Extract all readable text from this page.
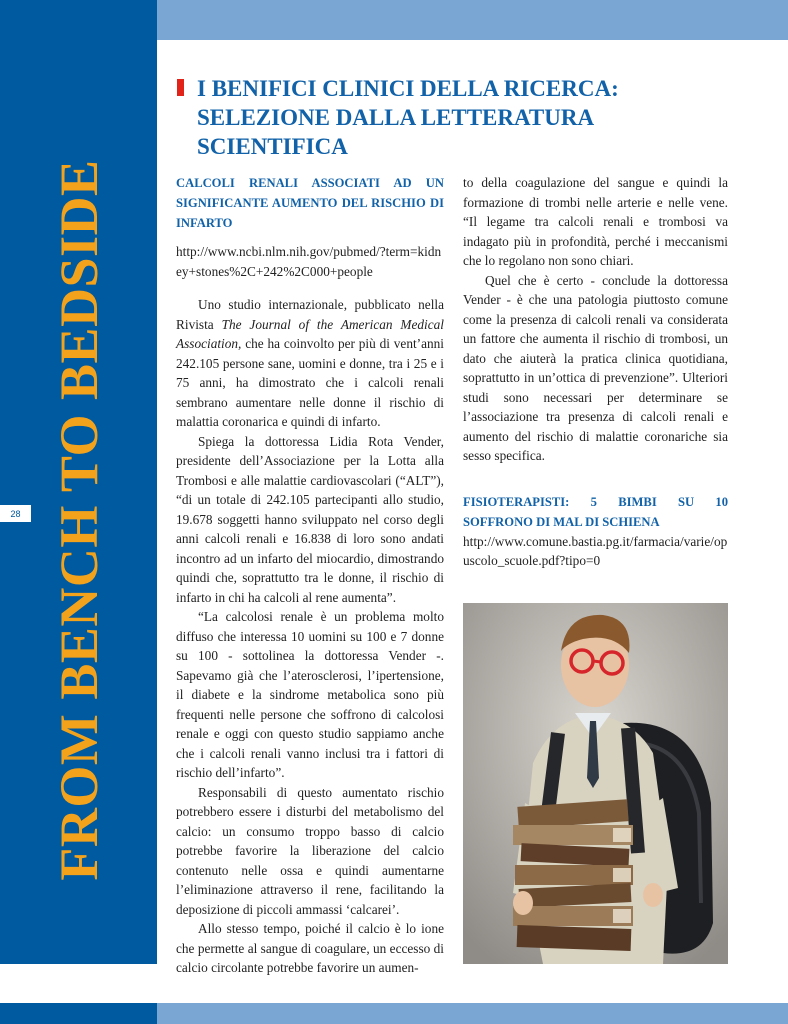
FROM BENCH TO BEDSIDE
28
I BENIFICI CLINICI DELLA RICERCA: SELEZIONE DALLA LETTERATURA SCIENTIFICA
CALCOLI RENALI ASSOCIATI AD UN SIGNIFICANTE AUMENTO DEL RISCHIO DI INFARTO
http://www.ncbi.nlm.nih.gov/pubmed/?term=kidney+stones%2C+242%2C000+people

Uno studio internazionale, pubblicato nella Rivista The Journal of the American Medical Association, che ha coinvolto per più di vent’anni 242.105 persone sane, uomini e donne, tra i 25 e i 75 anni, ha dimostrato che i calcoli renali sembrano aumentare nelle donne il rischio di malattia coronarica e quindi di infarto.

Spiega la dottoressa Lidia Rota Vender, presidente dell’Associazione per la Lotta alla Trombosi e alle malattie cardiovascolari (“ALT”), “di un totale di 242.105 partecipanti allo studio, 19.678 soggetti hanno sviluppato nel corso degli anni calcoli renali e 16.838 di loro sono andati incontro ad un infarto del miocardio, dimostrando quindi che, soprattutto tra le donne, il rischio di infarto in chi ha calcoli al rene aumenta”.

“La calcolosi renale è un problema molto diffuso che interessa 10 uomini su 100 e 7 donne su 100 - sottolinea la dottoressa Vender -. Sapevamo già che l’aterosclerosi, l’ipertensione, il diabete e la sindrome metabolica sono più frequenti nelle persone che soffrono di calcolosi renale e oggi con questo studio sappiamo anche che i calcoli renali vanno inclusi tra i fattori di rischio dell’infarto”.

Responsabili di questo aumentato rischio potrebbero essere i disturbi del metabolismo del calcio: un consumo troppo basso di calcio potrebbe favorire la liberazione del calcio contenuto nelle ossa e quindi aumentarne l’eliminazione attraverso il rene, facilitando la deposizione di piccoli ammassi ‘calcarei’.

Allo stesso tempo, poiché il calcio è lo ione che permette al sangue di coagulare, un eccesso di calcio circolante potrebbe favorire un aumen-

to della coagulazione del sangue e quindi la formazione di trombi nelle arterie e nelle vene. “Il legame tra calcoli renali e trombosi va indagato più in profondità, perché i meccanismi che lo regolano non sono chiari.

Quel che è certo - conclude la dottoressa Vender - è che una patologia piuttosto comune come la presenza di calcoli renali va considerata un fattore che aumenta il rischio di trombosi, un dato che aiuterà la pratica clinica quotidiana, soprattutto in un’ottica di prevenzione”. Ulteriori studi sono necessari per determinare se l’associazione tra presenza di calcoli renali e aumento del rischio di malattie coronariche sia sesso specifica.

FISIOTERAPISTI: 5 BIMBI SU 10 SOFFRONO DI MAL DI SCHIENA
http://www.comune.bastia.pg.it/farmacia/varie/opuscolo_scuole.pdf?tipo=0
